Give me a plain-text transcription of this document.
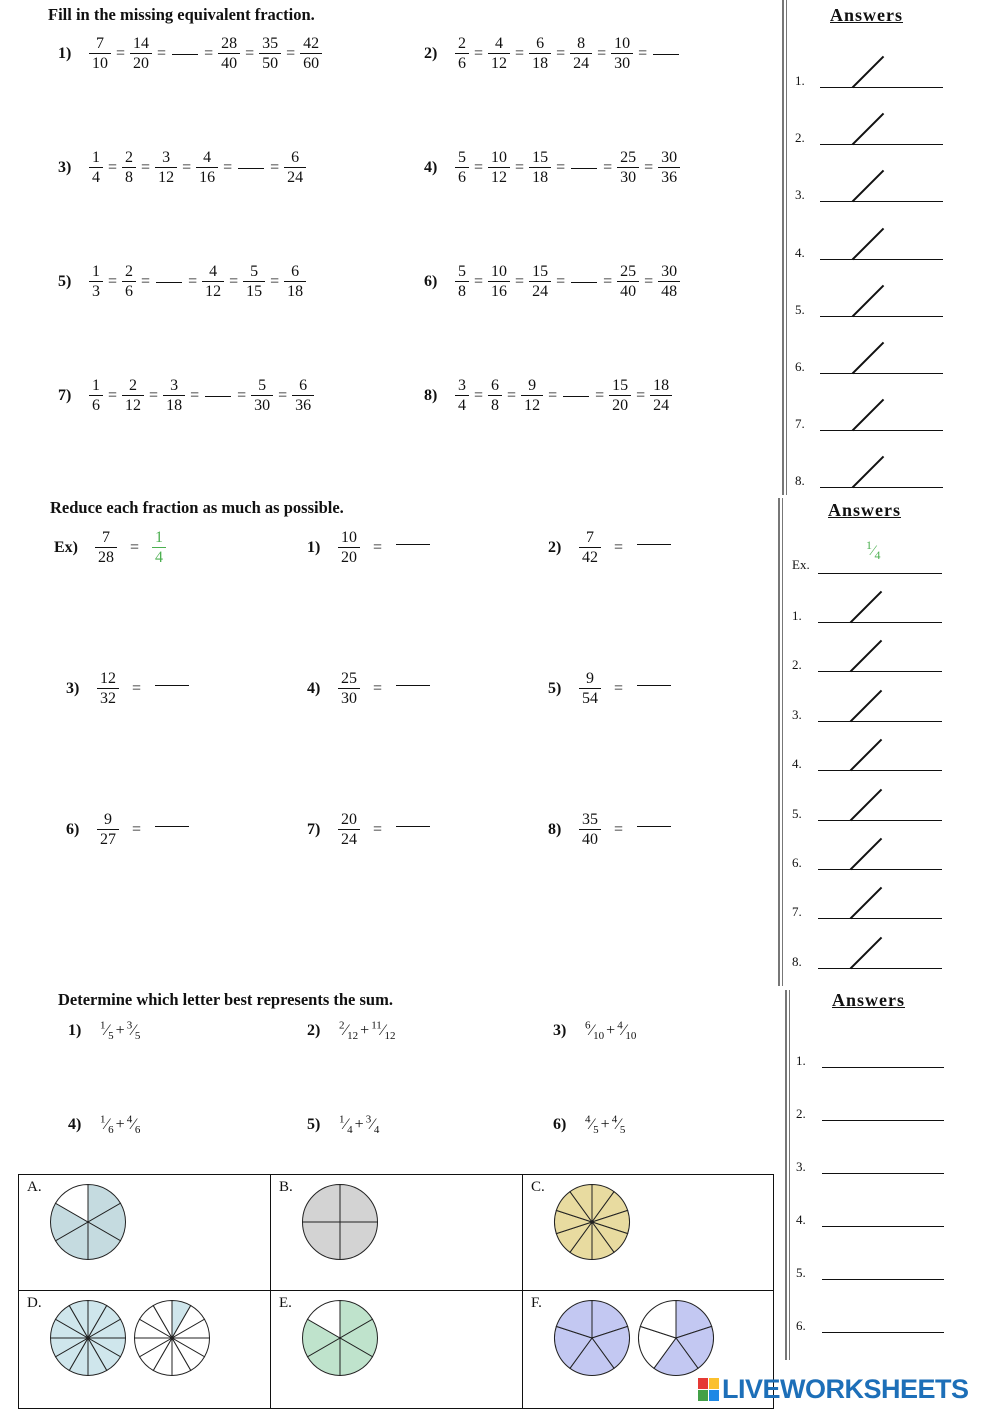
Fill in the missing equivalent fraction.
1)	$\frac{7}{10} = \frac{14}{20}$ = = $\frac{28}{40} = \frac{35}{50} = \frac{42}{60}$	2)	$\frac{2}{6} = \frac{4}{12} = \frac{6}{18} = \frac{8}{24} = \frac{10}{30}$ =
3)	$\frac{1}{4} = \frac{2}{8} = \frac{3}{12} = \frac{4}{16}$ = = $\frac{6}{24}$	4)	$\frac{5}{6} = \frac{10}{12} = \frac{15}{18}$ = = $\frac{25}{30} = \frac{30}{36}$
5)	$\frac{1}{3} = \frac{2}{6}$ = = $\frac{4}{12} = \frac{5}{15} = \frac{6}{18}$	6)	$\frac{5}{8} = \frac{10}{16} = \frac{15}{24}$ = = $\frac{25}{40} = \frac{30}{48}$
7)	$\frac{1}{6} = \frac{2}{12} = \frac{3}{18}$ = = $\frac{5}{30} = \frac{6}{36}$	8)	$\frac{3}{4} = \frac{6}{8} = \frac{9}{12}$ = = $\frac{15}{20} = \frac{18}{24}$
Answers
1.
2.
3.
4.
5.
6.
7.
8.
Reduce each fraction as much as possible.
Ex)	$\frac{7}{28} = \frac{1}{4}$	1)	$\frac{10}{20}$ =	2)	$\frac{7}{42}$ =
3)	$\frac{12}{32}$ =	4)	$\frac{25}{30}$ =	5)	$\frac{9}{54}$ =
6)	$\frac{9}{27}$ =	7)	$\frac{20}{24}$ =	8)	$\frac{35}{40}$ =
Answers
Ex.
$^1⁄_4$
1.
2.
3.
4.
5.
6.
7.
8.
Determine which letter best represents the sum.
1)	$^1⁄_5$ + $^3⁄_5$	2)	$^2⁄_{12}$ + $^{11}⁄_{12}$	3)	$^6⁄_{10}$ + $^4⁄_{10}$
4)	$^1⁄_6$ + $^4⁄_6$	5)	$^1⁄_4$ + $^3⁄_4$	6)	$^4⁄_5$ + $^4⁄_5$
Answers
1.
2.
3.
4.
5.
6.
A.	B.	C.
D.	E.	F.
LIVEWORKSHEETS
